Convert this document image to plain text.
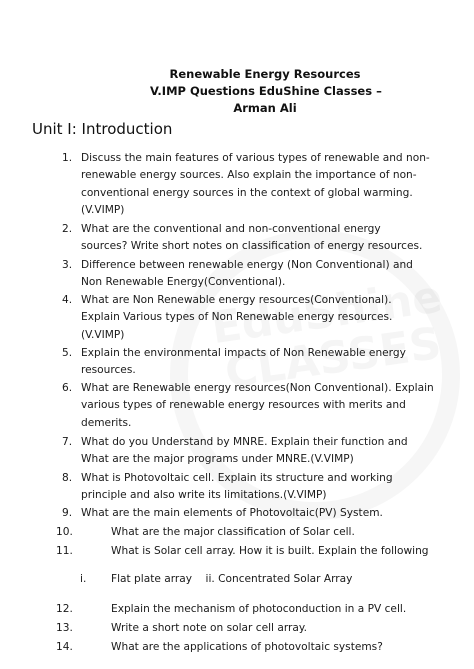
Renewable Energy Resources
V.IMP Questions EduShine Classes –
Arman Ali
Unit I: Introduction
1. Discuss the main features of various types of renewable and non-renewable energy sources. Also explain the importance of non-conventional energy sources in the context of global warming.(V.VIMP)
2. What are the conventional and non-conventional energy sources? Write short notes on classification of energy resources.
3. Difference between renewable energy (Non Conventional) and Non Renewable Energy(Conventional).
4. What are Non Renewable energy resources(Conventional). Explain Various types of Non Renewable energy resources.(V.VIMP)
5. Explain the environmental impacts of Non Renewable energy resources.
6. What are Renewable energy resources(Non Conventional). Explain various types of renewable energy resources with merits and demerits.
7. What do you Understand by MNRE. Explain their function and What are the major programs under MNRE.(V.VIMP)
8. What is Photovoltaic cell. Explain its structure and working principle and also write its limitations.(V.VIMP)
9. What are the main elements of Photovoltaic(PV) System.
10.	What are the major classification of Solar cell.
11.	What is Solar cell array. How it is built. Explain the following
i. Flat plate array    ii. Concentrated Solar Array
12.	Explain the mechanism of photoconduction in a PV cell.
13.	Write a short note on solar cell array.
14.	What are the applications of photovoltaic systems?
